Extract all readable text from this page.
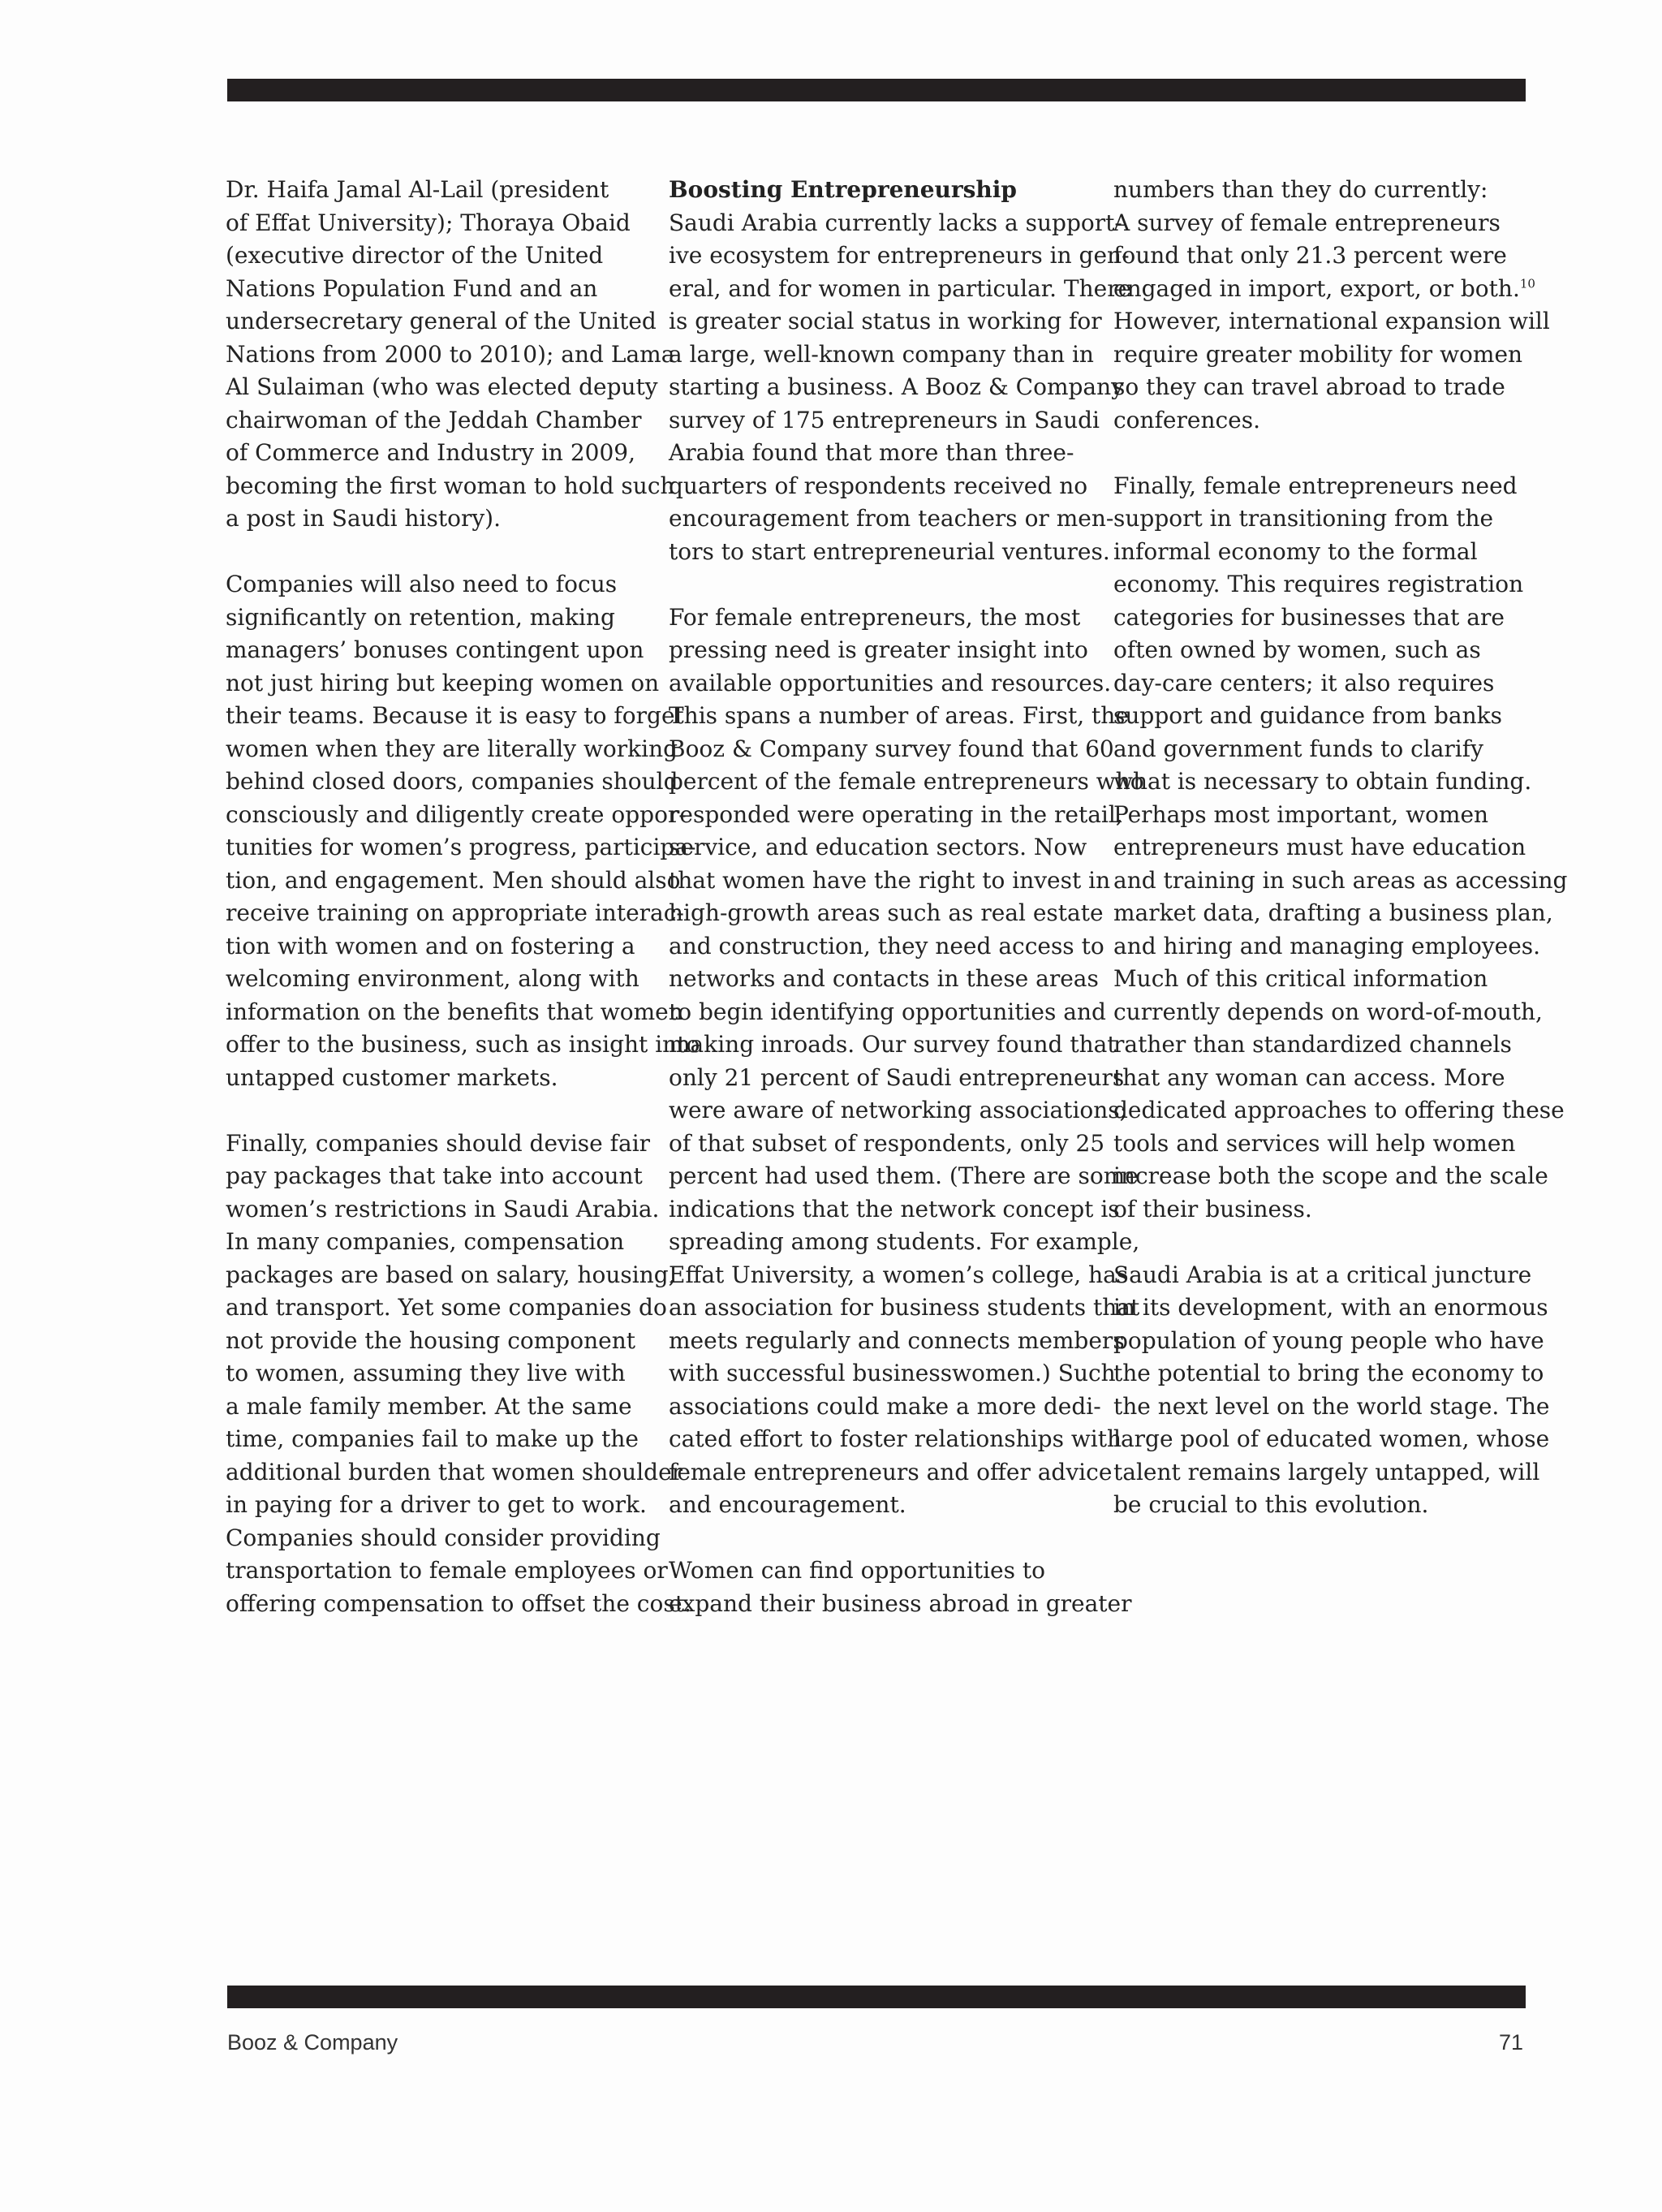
Dr. Haifa Jamal Al-Lail (president
of Effat University); Thoraya Obaid
(executive director of the United
Nations Population Fund and an
undersecretary general of the United
Nations from 2000 to 2010); and Lama
Al Sulaiman (who was elected deputy
chairwoman of the Jeddah Chamber
of Commerce and Industry in 2009,
becoming the first woman to hold such
a post in Saudi history).
Companies will also need to focus
significantly on retention, making
managers’ bonuses contingent upon
not just hiring but keeping women on
their teams. Because it is easy to forget
women when they are literally working
behind closed doors, companies should
consciously and diligently create oppor-
tunities for women’s progress, participa-
tion, and engagement. Men should also
receive training on appropriate interac-
tion with women and on fostering a
welcoming environment, along with
information on the benefits that women
offer to the business, such as insight into
untapped customer markets.
Finally, companies should devise fair
pay packages that take into account
women’s restrictions in Saudi Arabia.
In many companies, compensation
packages are based on salary, housing,
and transport. Yet some companies do
not provide the housing component
to women, assuming they live with
a male family member. At the same
time, companies fail to make up the
additional burden that women shoulder
in paying for a driver to get to work.
Companies should consider providing
transportation to female employees or
offering compensation to offset the cost.
Boosting Entrepreneurship
Saudi Arabia currently lacks a support-
ive ecosystem for entrepreneurs in gen-
eral, and for women in particular. There
is greater social status in working for
a large, well-known company than in
starting a business. A Booz & Company
survey of 175 entrepreneurs in Saudi
Arabia found that more than three-
quarters of respondents received no
encouragement from teachers or men-
tors to start entrepreneurial ventures.
For female entrepreneurs, the most
pressing need is greater insight into
available opportunities and resources.
This spans a number of areas. First, the
Booz & Company survey found that 60
percent of the female entrepreneurs who
responded were operating in the retail,
service, and education sectors. Now
that women have the right to invest in
high-growth areas such as real estate
and construction, they need access to
networks and contacts in these areas
to begin identifying opportunities and
making inroads. Our survey found that
only 21 percent of Saudi entrepreneurs
were aware of networking associations;
of that subset of respondents, only 25
percent had used them. (There are some
indications that the network concept is
spreading among students. For example,
Effat University, a women’s college, has
an association for business students that
meets regularly and connects members
with successful businesswomen.) Such
associations could make a more dedi-
cated effort to foster relationships with
female entrepreneurs and offer advice
and encouragement.
Women can find opportunities to
expand their business abroad in greater
numbers than they do currently:
A survey of female entrepreneurs
found that only 21.3 percent were
engaged in import, export, or both.$^{10}$
However, international expansion will
require greater mobility for women
so they can travel abroad to trade
conferences.
Finally, female entrepreneurs need
support in transitioning from the
informal economy to the formal
economy. This requires registration
categories for businesses that are
often owned by women, such as
day-care centers; it also requires
support and guidance from banks
and government funds to clarify
what is necessary to obtain funding.
Perhaps most important, women
entrepreneurs must have education
and training in such areas as accessing
market data, drafting a business plan,
and hiring and managing employees.
Much of this critical information
currently depends on word-of-mouth,
rather than standardized channels
that any woman can access. More
dedicated approaches to offering these
tools and services will help women
increase both the scope and the scale
of their business.
Saudi Arabia is at a critical juncture
in its development, with an enormous
population of young people who have
the potential to bring the economy to
the next level on the world stage. The
large pool of educated women, whose
talent remains largely untapped, will
be crucial to this evolution.
Booz & Company	71
